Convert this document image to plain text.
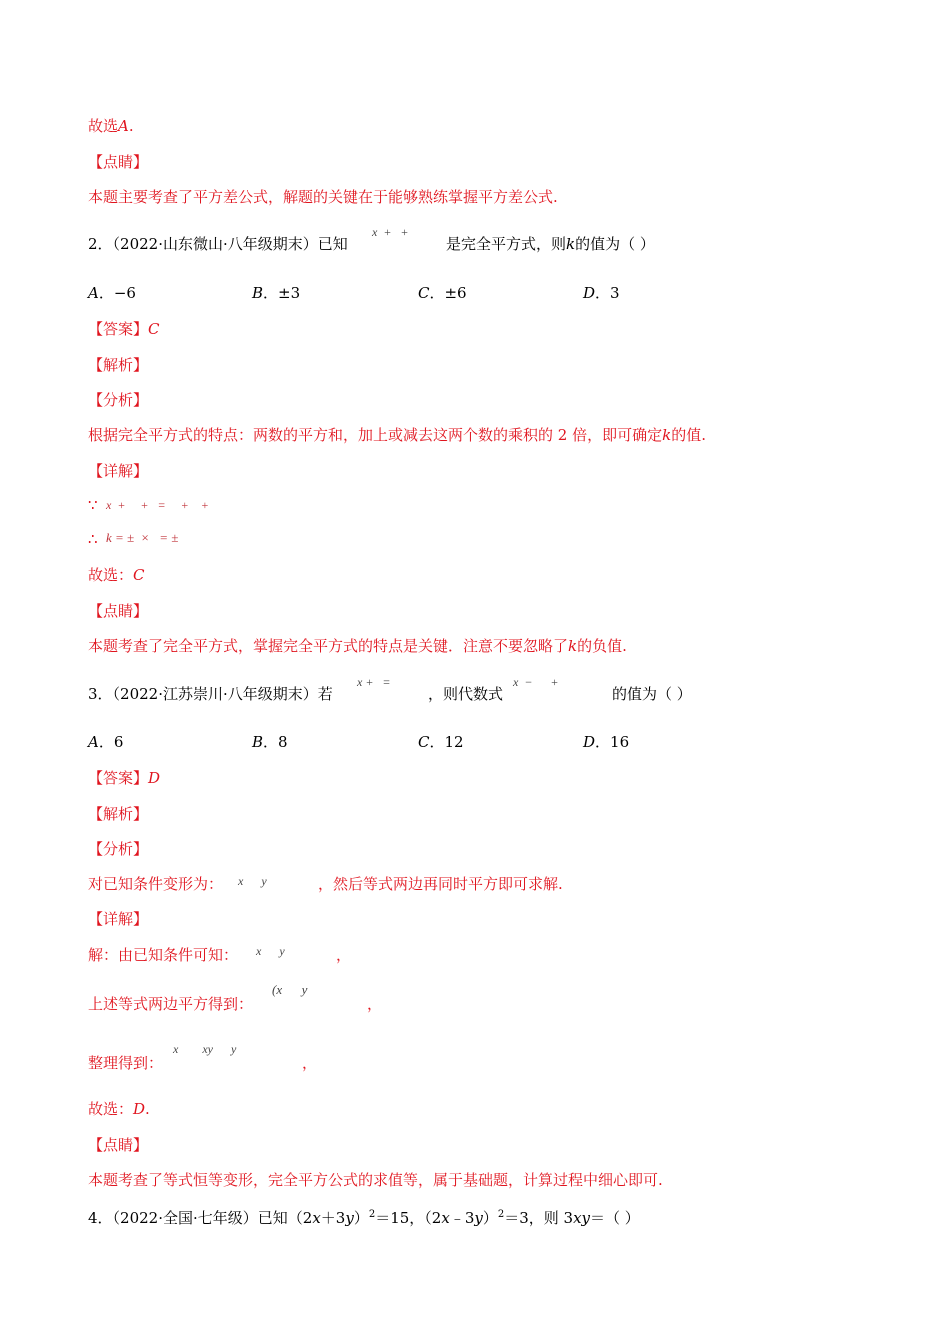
故选A.
【点睛】
本题主要考查了平方差公式，解题的关键在于能够熟练掌握平方差公式.
2．（2022·山东微山·八年级期末）已知
x  +   +
是完全平方式，则k的值为（ ）
A．−6	B．±3	C．±6	D．3
【答案】C
【解析】
【分析】
根据完全平方式的特点：两数的平方和，加上或减去这两个数的乘积的 2 倍，即可确定k的值.
【详解】
∵ x  +     +   =     +    +
∴ k = ±  ×   = ±
故选：C
【点睛】
本题考查了完全平方式，掌握完全平方式的特点是关键．注意不要忽略了k的负值.
3．（2022·江苏崇川·八年级期末）若
x +   =
，则代数式
x  −      +
的值为（ ）
A．6	B．8	C．12	D．16
【答案】D
【解析】
【分析】
对已知条件变形为： x      y	，然后等式两边再同时平方即可求解.
【详解】
解：由已知条件可知： x      y	，
上述等式两边平方得到：
(x      y
，
整理得到：
x        xy      y
，
故选：D.
【点睛】
本题考查了等式恒等变形，完全平方公式的求值等，属于基础题，计算过程中细心即可.
4．（2022·全国·七年级）已知$(2x+3y)^2=15$，（2x﹣3y）$^2$＝3，则 3xy＝（ ）
